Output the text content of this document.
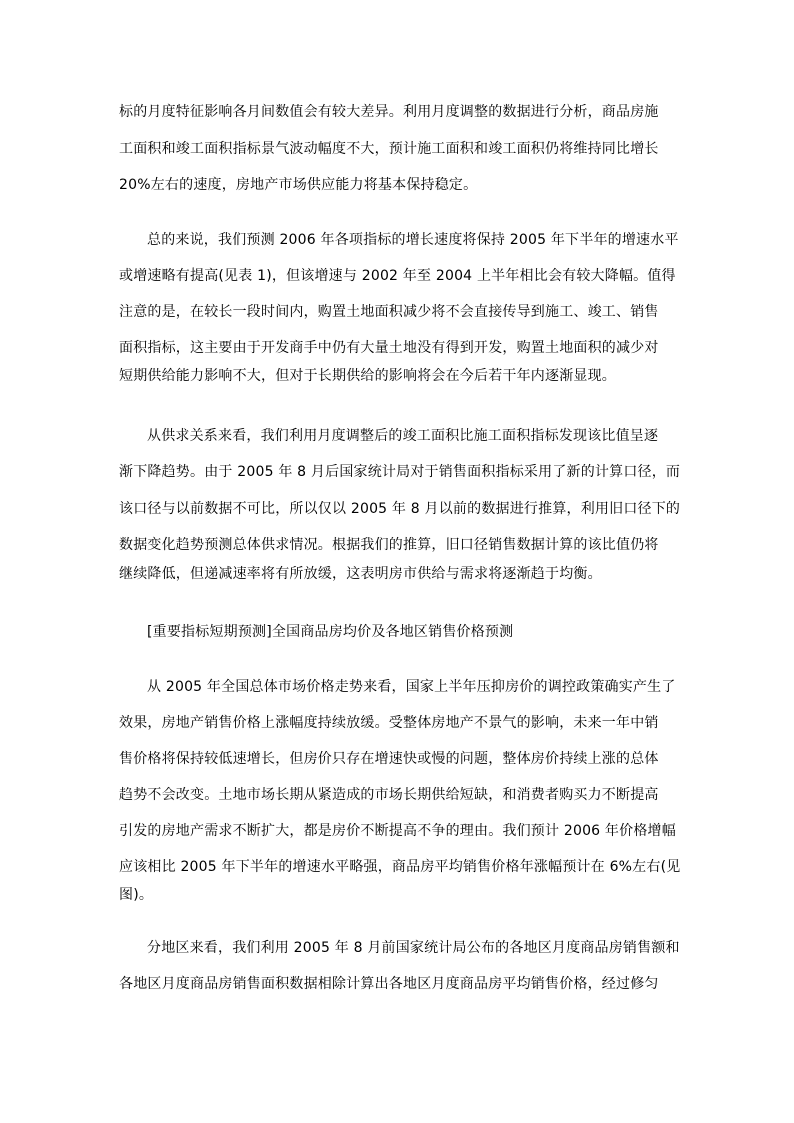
标的月度特征影响各月间数值会有较大差异。利用月度调整的数据进行分析，商品房施
工面积和竣工面积指标景气波动幅度不大，预计施工面积和竣工面积仍将维持同比增长
20%左右的速度，房地产市场供应能力将基本保持稳定。
总的来说，我们预测 2006 年各项指标的增长速度将保持 2005 年下半年的增速水平
或增速略有提高(见表 1)，但该增速与 2002 年至 2004 上半年相比会有较大降幅。值得
注意的是，在较长一段时间内，购置土地面积减少将不会直接传导到施工、竣工、销售
面积指标，这主要由于开发商手中仍有大量土地没有得到开发，购置土地面积的减少对
短期供给能力影响不大，但对于长期供给的影响将会在今后若干年内逐渐显现。
从供求关系来看，我们利用月度调整后的竣工面积比施工面积指标发现该比值呈逐
渐下降趋势。由于 2005 年 8 月后国家统计局对于销售面积指标采用了新的计算口径，而
该口径与以前数据不可比，所以仅以 2005 年 8 月以前的数据进行推算，利用旧口径下的
数据变化趋势预测总体供求情况。根据我们的推算，旧口径销售数据计算的该比值仍将
继续降低，但递减速率将有所放缓，这表明房市供给与需求将逐渐趋于均衡。
[重要指标短期预测]全国商品房均价及各地区销售价格预测
从 2005 年全国总体市场价格走势来看，国家上半年压抑房价的调控政策确实产生了
效果，房地产销售价格上涨幅度持续放缓。受整体房地产不景气的影响，未来一年中销
售价格将保持较低速增长，但房价只存在增速快或慢的问题，整体房价持续上涨的总体
趋势不会改变。土地市场长期从紧造成的市场长期供给短缺，和消费者购买力不断提高
引发的房地产需求不断扩大，都是房价不断提高不争的理由。我们预计 2006 年价格增幅
应该相比 2005 年下半年的增速水平略强，商品房平均销售价格年涨幅预计在 6%左右(见
图)。
分地区来看，我们利用 2005 年 8 月前国家统计局公布的各地区月度商品房销售额和
各地区月度商品房销售面积数据相除计算出各地区月度商品房平均销售价格，经过修匀
